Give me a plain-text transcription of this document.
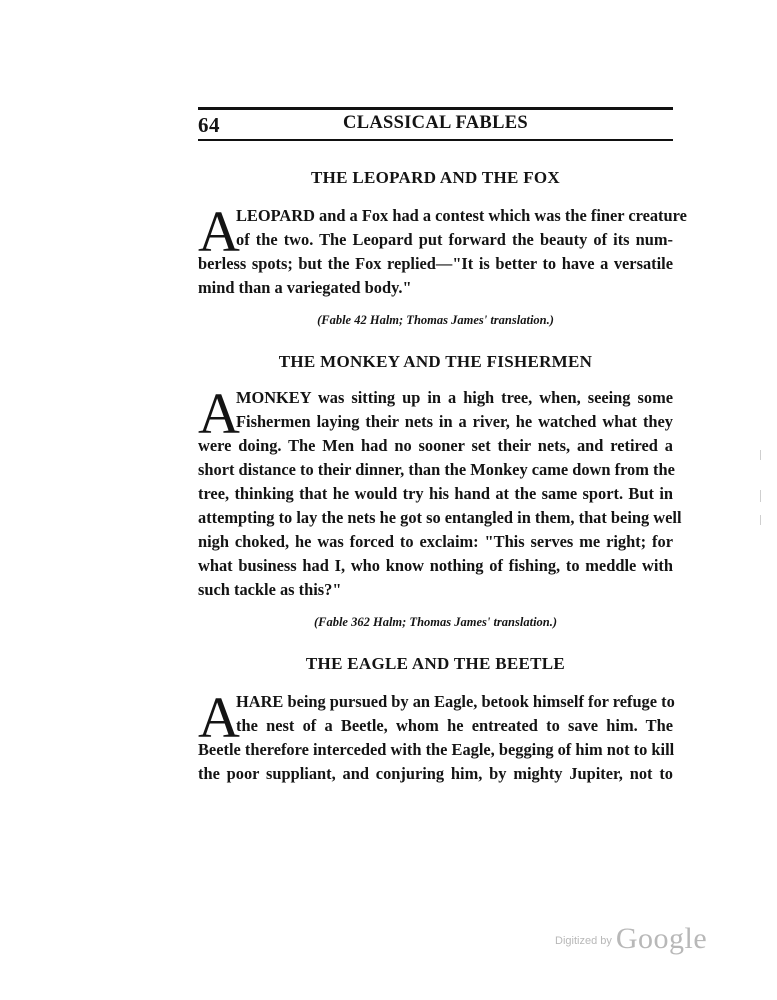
64	CLASSICAL FABLES
THE LEOPARD AND THE FOX
A
LEOPARD and a Fox had a contest which was the finer creature
of the two. The Leopard put forward the beauty of its num-
berless spots; but the Fox replied—"It is better to have a versatile
mind than a variegated body."
(Fable 42 Halm; Thomas James' translation.)
THE MONKEY AND THE FISHERMEN
A
MONKEY was sitting up in a high tree, when, seeing some
Fishermen laying their nets in a river, he watched what they
were doing. The Men had no sooner set their nets, and retired a
short distance to their dinner, than the Monkey came down from the
tree, thinking that he would try his hand at the same sport. But in
attempting to lay the nets he got so entangled in them, that being well
nigh choked, he was forced to exclaim: "This serves me right; for
what business had I, who know nothing of fishing, to meddle with
such tackle as this?"
(Fable 362 Halm; Thomas James' translation.)
THE EAGLE AND THE BEETLE
A
HARE being pursued by an Eagle, betook himself for refuge to
the nest of a Beetle, whom he entreated to save him. The
Beetle therefore interceded with the Eagle, begging of him not to kill
the poor suppliant, and conjuring him, by mighty Jupiter, not to
$^{Digitized by}$ Google
